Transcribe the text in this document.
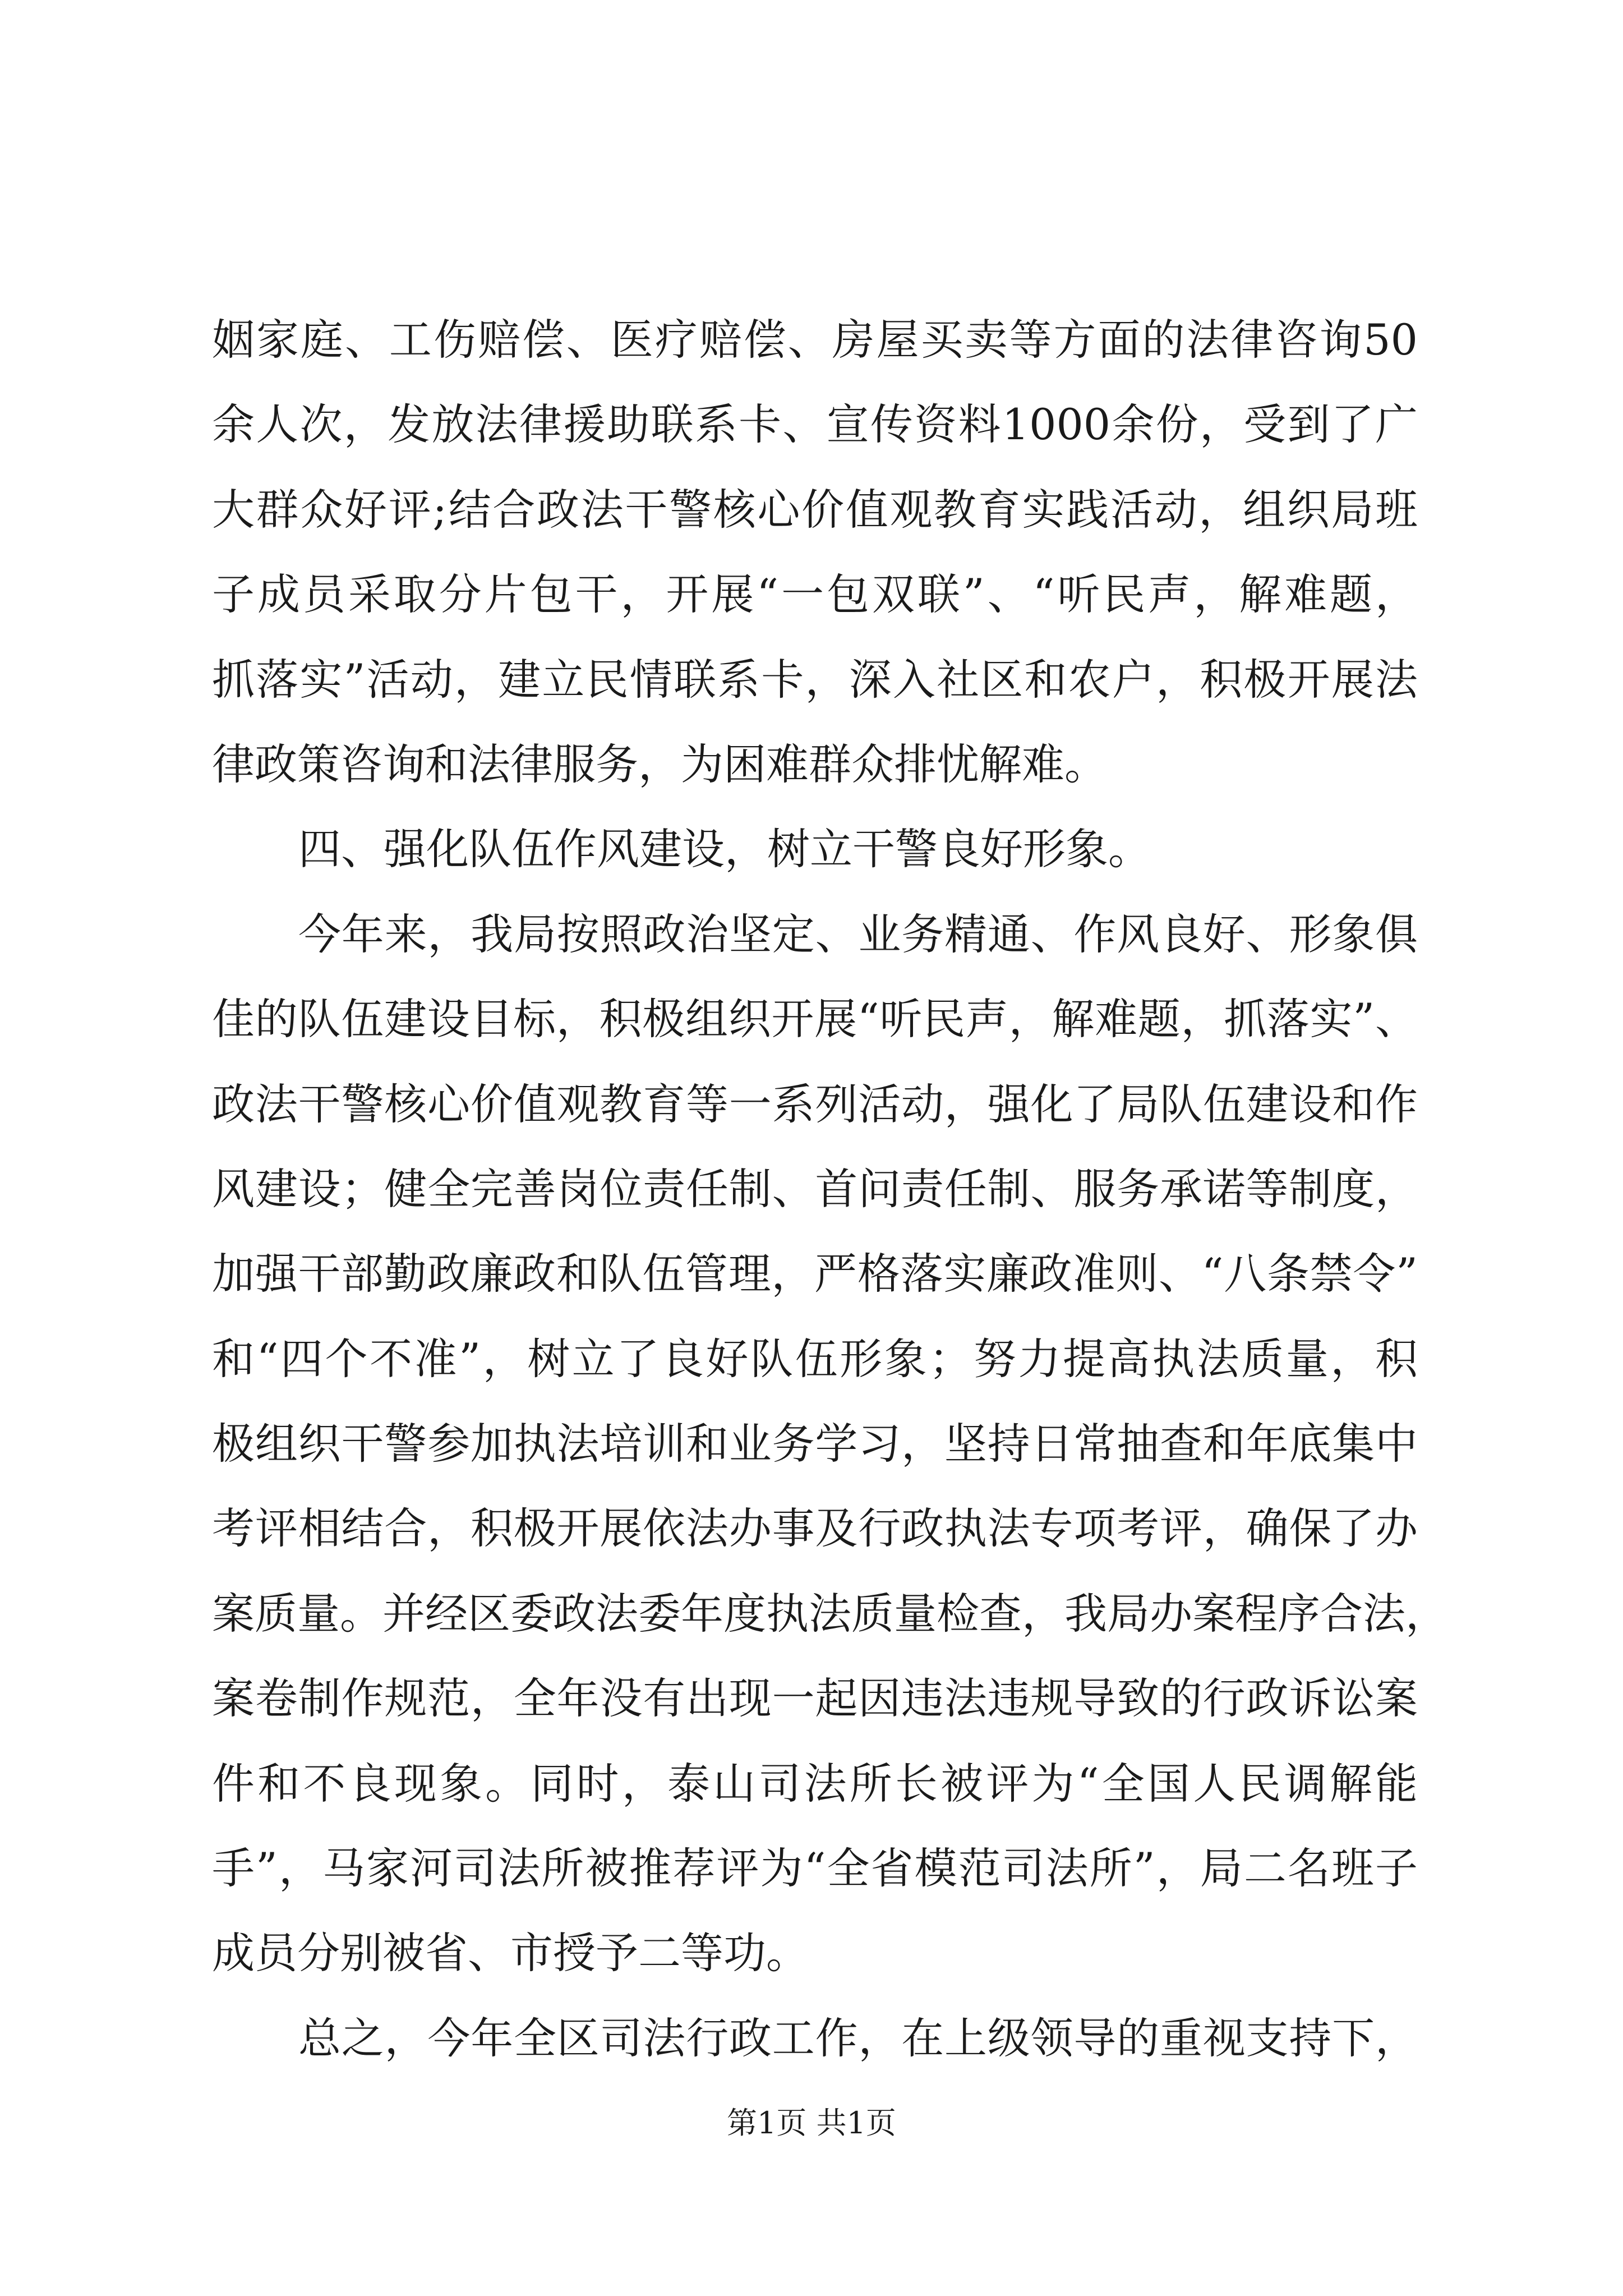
姻家庭、工伤赔偿、医疗赔偿、房屋买卖等方面的法律咨询50
余人次，发放法律援助联系卡、宣传资料1000余份，受到了广
大群众好评;结合政法干警核心价值观教育实践活动，组织局班
子成员采取分片包干，开展“一包双联”、“听民声，解难题，
抓落实”活动，建立民情联系卡，深入社区和农户，积极开展法
律政策咨询和法律服务，为困难群众排忧解难。
四、强化队伍作风建设，树立干警良好形象。
今年来，我局按照政治坚定、业务精通、作风良好、形象俱
佳的队伍建设目标，积极组织开展“听民声，解难题，抓落实”、
政法干警核心价值观教育等一系列活动，强化了局队伍建设和作
风建设；健全完善岗位责任制、首问责任制、服务承诺等制度，
加强干部勤政廉政和队伍管理，严格落实廉政准则、“八条禁令”
和“四个不准”，树立了良好队伍形象；努力提高执法质量，积
极组织干警参加执法培训和业务学习，坚持日常抽查和年底集中
考评相结合，积极开展依法办事及行政执法专项考评，确保了办
案质量。并经区委政法委年度执法质量检查，我局办案程序合法，
案卷制作规范，全年没有出现一起因违法违规导致的行政诉讼案
件和不良现象。同时，泰山司法所长被评为“全国人民调解能
手”，马家河司法所被推荐评为“全省模范司法所”，局二名班子
成员分别被省、市授予二等功。
总之，今年全区司法行政工作，在上级领导的重视支持下，
第1页 共1页
